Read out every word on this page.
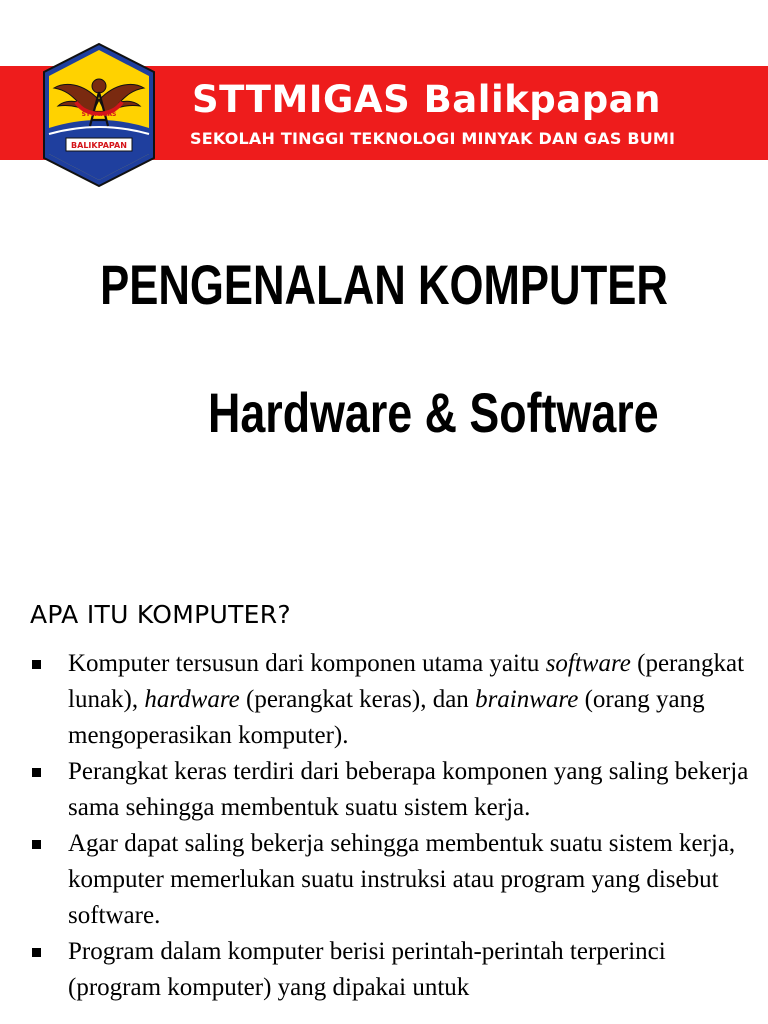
STTMIGAS
BALIKPAPAN
STTMIGAS Balikpapan
SEKOLAH TINGGI TEKNOLOGI MINYAK DAN GAS BUMI
PENGENALAN KOMPUTER
Hardware & Software
APA ITU KOMPUTER?
Komputer tersusun dari komponen utama yaitu software (perangkat lunak), hardware (perangkat keras), dan brainware (orang yang mengoperasikan komputer).
Perangkat keras terdiri dari beberapa komponen yang saling bekerja sama sehingga membentuk suatu sistem kerja.
Agar dapat saling bekerja sehingga membentuk suatu sistem kerja, komputer memerlukan suatu instruksi atau program yang disebut software.
Program dalam komputer berisi perintah-perintah terperinci (program komputer) yang dipakai untuk
